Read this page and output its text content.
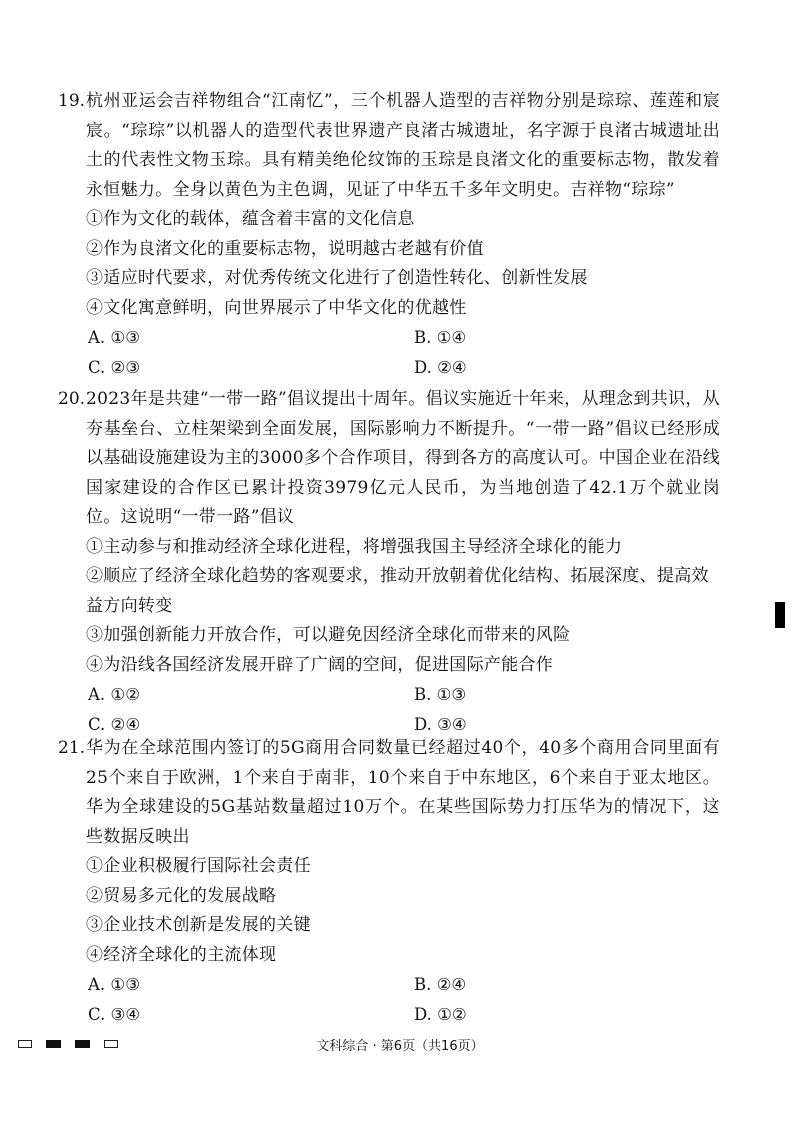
19. 杭州亚运会吉祥物组合“江南忆”，三个机器人造型的吉祥物分别是琮琮、莲莲和宸宸。“琮琮”以机器人的造型代表世界遗产良渚古城遗址，名字源于良渚古城遗址出土的代表性文物玉琮。具有精美绝伦纹饰的玉琮是良渚文化的重要标志物，散发着永恒魅力。全身以黄色为主色调，见证了中华五千多年文明史。吉祥物“琮琮”
①作为文化的载体，蕴含着丰富的文化信息
②作为良渚文化的重要标志物，说明越古老越有价值
③适应时代要求，对优秀传统文化进行了创造性转化、创新性发展
④文化寓意鲜明，向世界展示了中华文化的优越性
A. ①③	B. ①④
C. ②③	D. ②④
20. 2023年是共建“一带一路”倡议提出十周年。倡议实施近十年来，从理念到共识，从夯基垒台、立柱架梁到全面发展，国际影响力不断提升。“一带一路”倡议已经形成以基础设施建设为主的3000多个合作项目，得到各方的高度认可。中国企业在沿线国家建设的合作区已累计投资3979亿元人民币，为当地创造了42.1万个就业岗位。这说明“一带一路”倡议
①主动参与和推动经济全球化进程，将增强我国主导经济全球化的能力
②顺应了经济全球化趋势的客观要求，推动开放朝着优化结构、拓展深度、提高效益方向转变
③加强创新能力开放合作，可以避免因经济全球化而带来的风险
④为沿线各国经济发展开辟了广阔的空间，促进国际产能合作
A. ①②	B. ①③
C. ②④	D. ③④
21. 华为在全球范围内签订的5G商用合同数量已经超过40个，40多个商用合同里面有25个来自于欧洲，1个来自于南非，10个来自于中东地区，6个来自于亚太地区。华为全球建设的5G基站数量超过10万个。在某些国际势力打压华为的情况下，这些数据反映出
①企业积极履行国际社会责任
②贸易多元化的发展战略
③企业技术创新是发展的关键
④经济全球化的主流体现
A. ①③	B. ②④
C. ③④	D. ①②
文科综合 · 第6页（共16页）
